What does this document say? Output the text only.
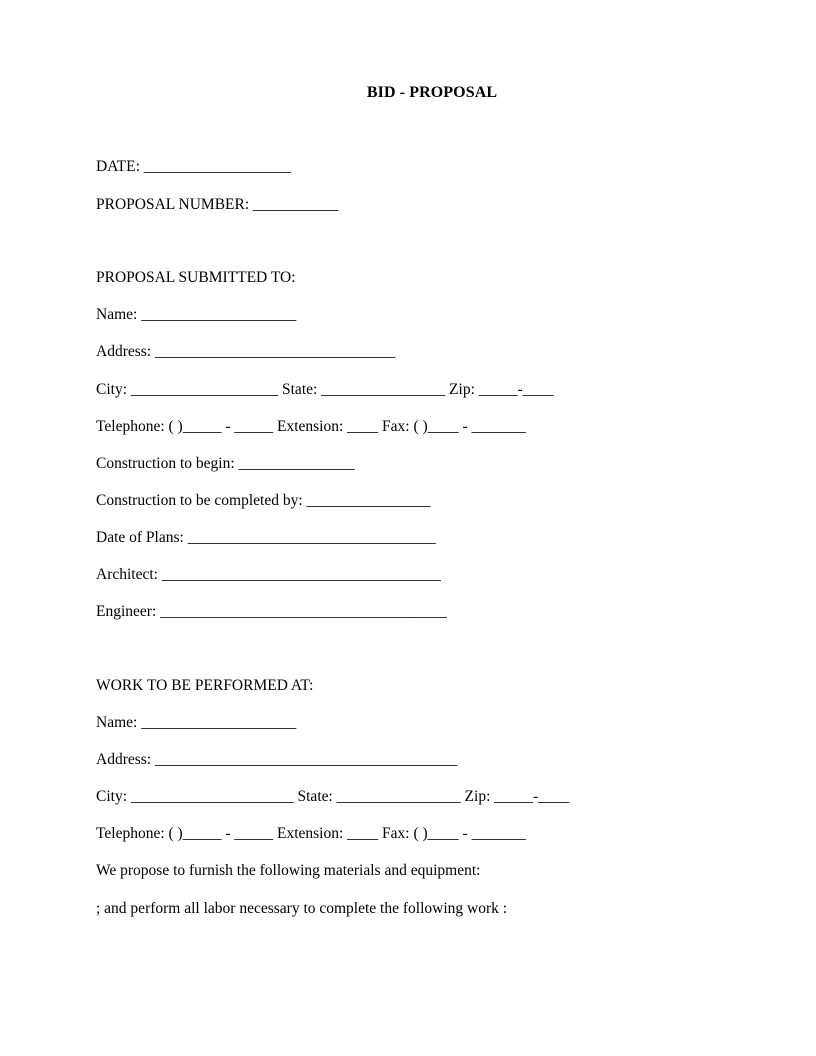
BID - PROPOSAL
DATE: ___________________
PROPOSAL NUMBER: ___________
PROPOSAL SUBMITTED TO:
Name: ____________________
Address: _______________________________
City: ___________________ State: ________________ Zip: _____-____
Telephone: ( )_____ - _____ Extension: ____ Fax: ( )____ - _______
Construction to begin: _______________
Construction to be completed by: ________________
Date of Plans: ________________________________
Architect: ____________________________________
Engineer: _____________________________________
WORK TO BE PERFORMED AT:
Name: ____________________
Address: _______________________________________
City: _____________________ State: ________________ Zip: _____-____
Telephone: ( )_____ - _____ Extension: ____ Fax: ( )____ - _______
We propose to furnish the following materials and equipment:
; and perform all labor necessary to complete the following work :
